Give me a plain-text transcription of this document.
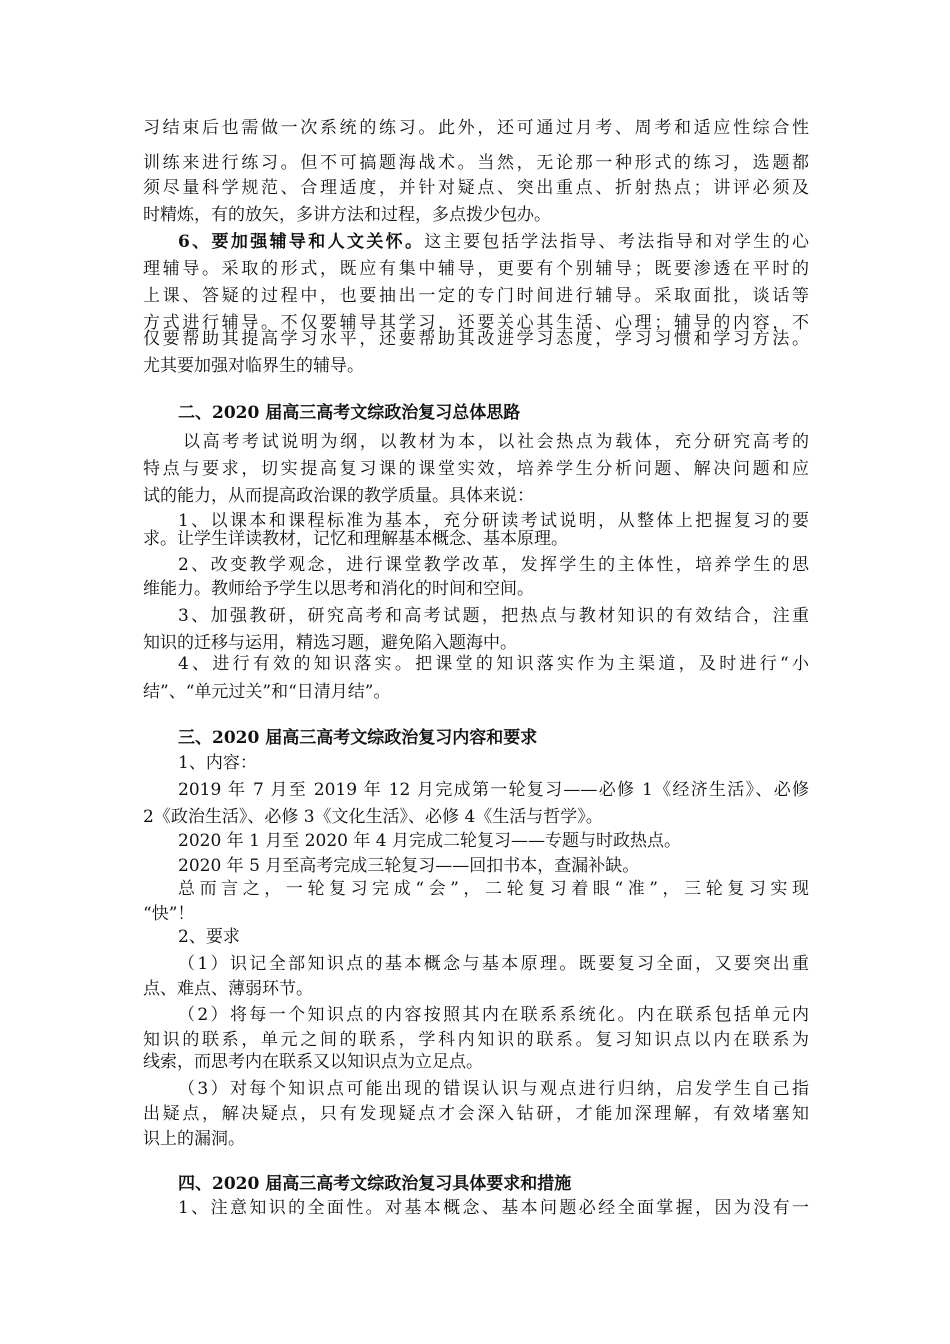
习结束后也需做一次系统的练习。此外，还可通过月考、周考和适应性综合性
训练来进行练习。但不可搞题海战术。当然，无论那一种形式的练习，选题都
须尽量科学规范、合理适度，并针对疑点、突出重点、折射热点；讲评必须及
时精炼，有的放矢，多讲方法和过程，多点拨少包办。
6、要加强辅导和人文关怀。这主要包括学法指导、考法指导和对学生的心
理辅导。采取的形式，既应有集中辅导，更要有个别辅导；既要渗透在平时的
上课、答疑的过程中，也要抽出一定的专门时间进行辅导。采取面批，谈话等
方式进行辅导。不仅要辅导其学习，还要关心其生活、心理；辅导的内容，不
仅要帮助其提高学习水平，还要帮助其改进学习态度，学习习惯和学习方法。
尤其要加强对临界生的辅导。
二、2020 届高三高考文综政治复习总体思路
以高考考试说明为纲，以教材为本，以社会热点为载体，充分研究高考的
特点与要求，切实提高复习课的课堂实效，培养学生分析问题、解决问题和应
试的能力，从而提高政治课的教学质量。具体来说：
1、以课本和课程标准为基本，充分研读考试说明，从整体上把握复习的要
求。让学生详读教材，记忆和理解基本概念、基本原理。
2、改变教学观念，进行课堂教学改革，发挥学生的主体性，培养学生的思
维能力。教师给予学生以思考和消化的时间和空间。
3、加强教研，研究高考和高考试题，把热点与教材知识的有效结合，注重
知识的迁移与运用，精选习题，避免陷入题海中。
4、进行有效的知识落实。把课堂的知识落实作为主渠道，及时进行“小
结”、“单元过关”和“日清月结”。
三、2020 届高三高考文综政治复习内容和要求
1、内容：
2019 年 7 月至 2019 年 12 月完成第一轮复习——必修 1《经济生活》、必修
2《政治生活》、必修 3《文化生活》、必修 4《生活与哲学》。
2020 年 1 月至 2020 年 4 月完成二轮复习——专题与时政热点。
2020 年 5 月至高考完成三轮复习——回扣书本，查漏补缺。
总而言之，一轮复习完成“会”，二轮复习着眼“准”，三轮复习实现
“快”！
2、要求
（1）识记全部知识点的基本概念与基本原理。既要复习全面，又要突出重
点、难点、薄弱环节。
（2）将每一个知识点的内容按照其内在联系系统化。内在联系包括单元内
知识的联系，单元之间的联系，学科内知识的联系。复习知识点以内在联系为
线索，而思考内在联系又以知识点为立足点。
（3）对每个知识点可能出现的错误认识与观点进行归纳，启发学生自己指
出疑点，解决疑点，只有发现疑点才会深入钻研，才能加深理解，有效堵塞知
识上的漏洞。
四、2020 届高三高考文综政治复习具体要求和措施
1、注意知识的全面性。对基本概念、基本问题必经全面掌握，因为没有一
